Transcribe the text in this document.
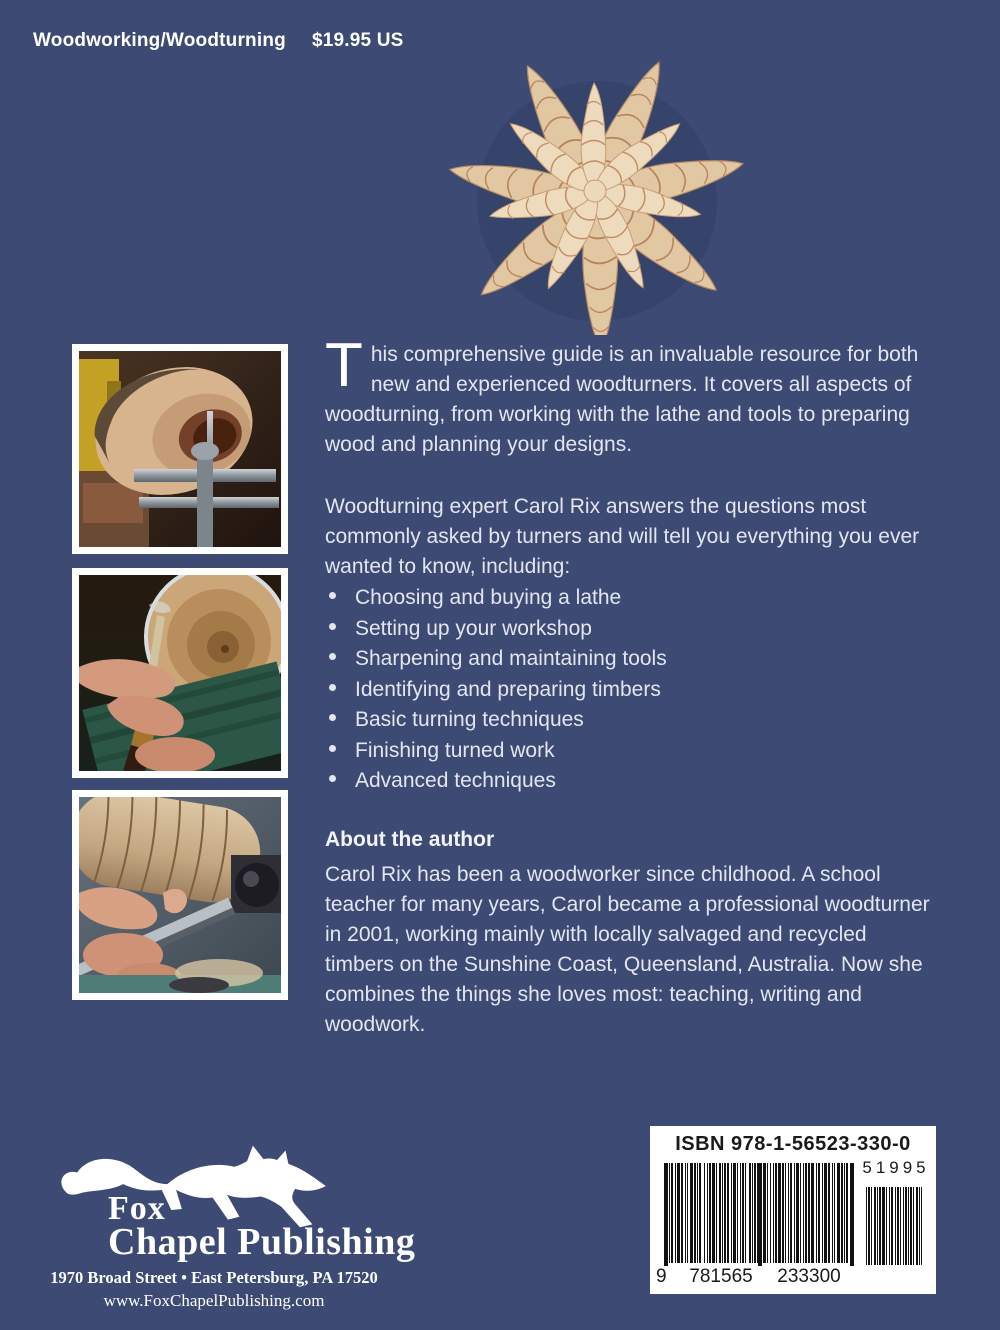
Woodworking/Woodturning $19.95 US

This comprehensive guide is an invaluable resource for both new and experienced woodturners. It covers all aspects of woodturning, from working with the lathe and tools to preparing wood and planning your designs.

Woodturning expert Carol Rix answers the questions most commonly asked by turners and will tell you everything you ever wanted to know, including:

Choosing and buying a lathe
Setting up your workshop
Sharpening and maintaining tools
Identifying and preparing timbers
Basic turning techniques
Finishing turned work
Advanced techniques
About the author

Carol Rix has been a woodworker since childhood. A school teacher for many years, Carol became a professional woodturner in 2001, working mainly with locally salvaged and recycled timbers on the Sunshine Coast, Queensland, Australia. Now she combines the things she loves most: teaching, writing and woodwork.

Fox
Chapel Publishing
1970 Broad Street • East Petersburg, PA 17520
www.FoxChapelPublishing.com
ISBN 978-1-56523-330-0
9	781565	233300
51995
